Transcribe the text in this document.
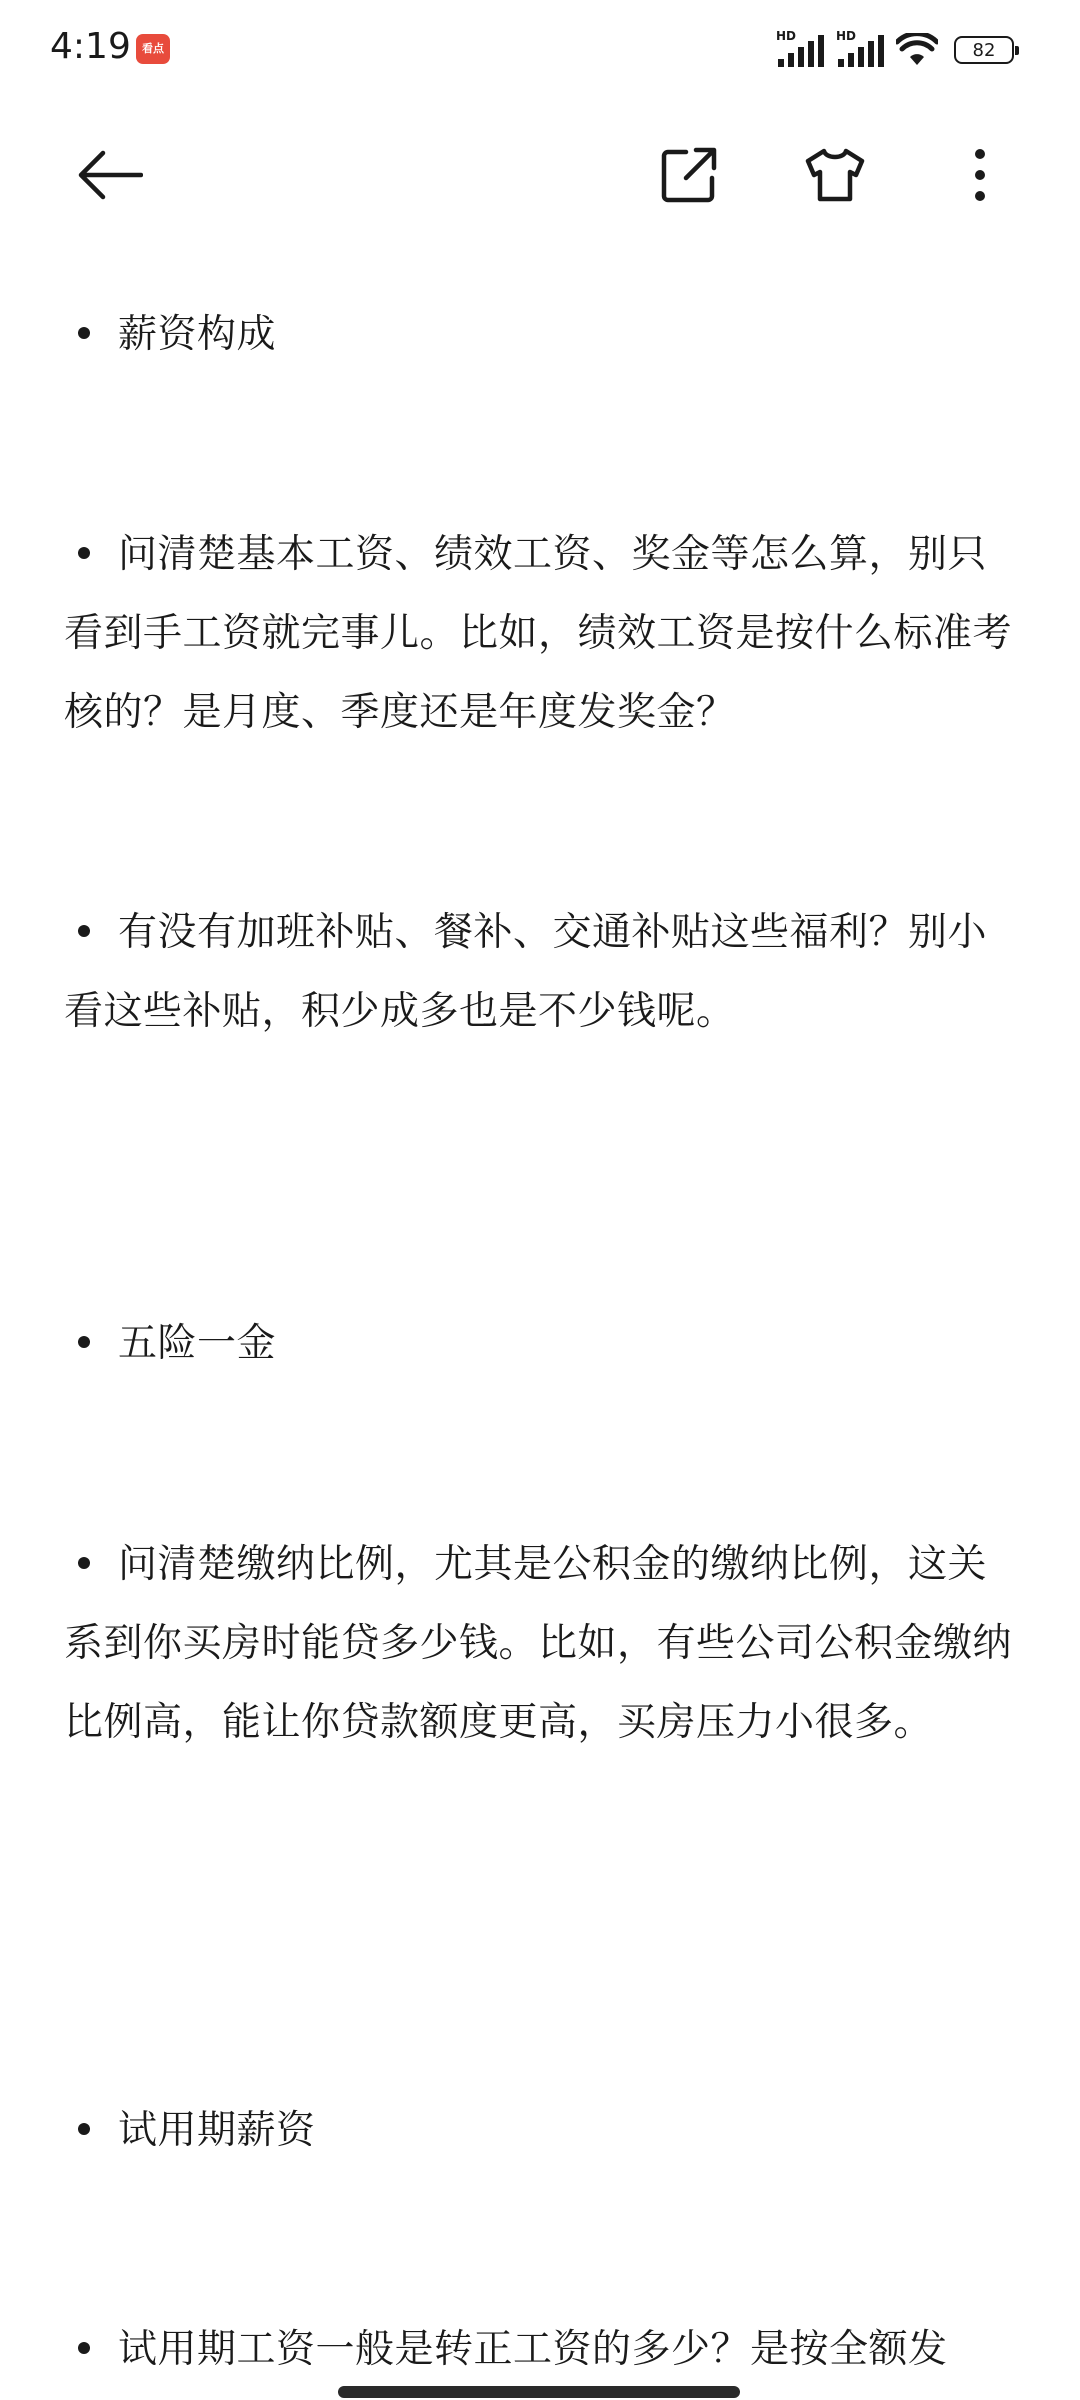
4:19	看点
HD	HD
82

薪资构成

问清楚基本工资、绩效工资、奖金等怎么算，别只看到手工资就完事儿。比如，绩效工资是按什么标准考核的？是月度、季度还是年度发奖金？

有没有加班补贴、餐补、交通补贴这些福利？别小看这些补贴，积少成多也是不少钱呢。

五险一金

问清楚缴纳比例，尤其是公积金的缴纳比例，这关系到你买房时能贷多少钱。比如，有些公司公积金缴纳比例高，能让你贷款额度更高，买房压力小很多。

试用期薪资

试用期工资一般是转正工资的多少？是按全额发
